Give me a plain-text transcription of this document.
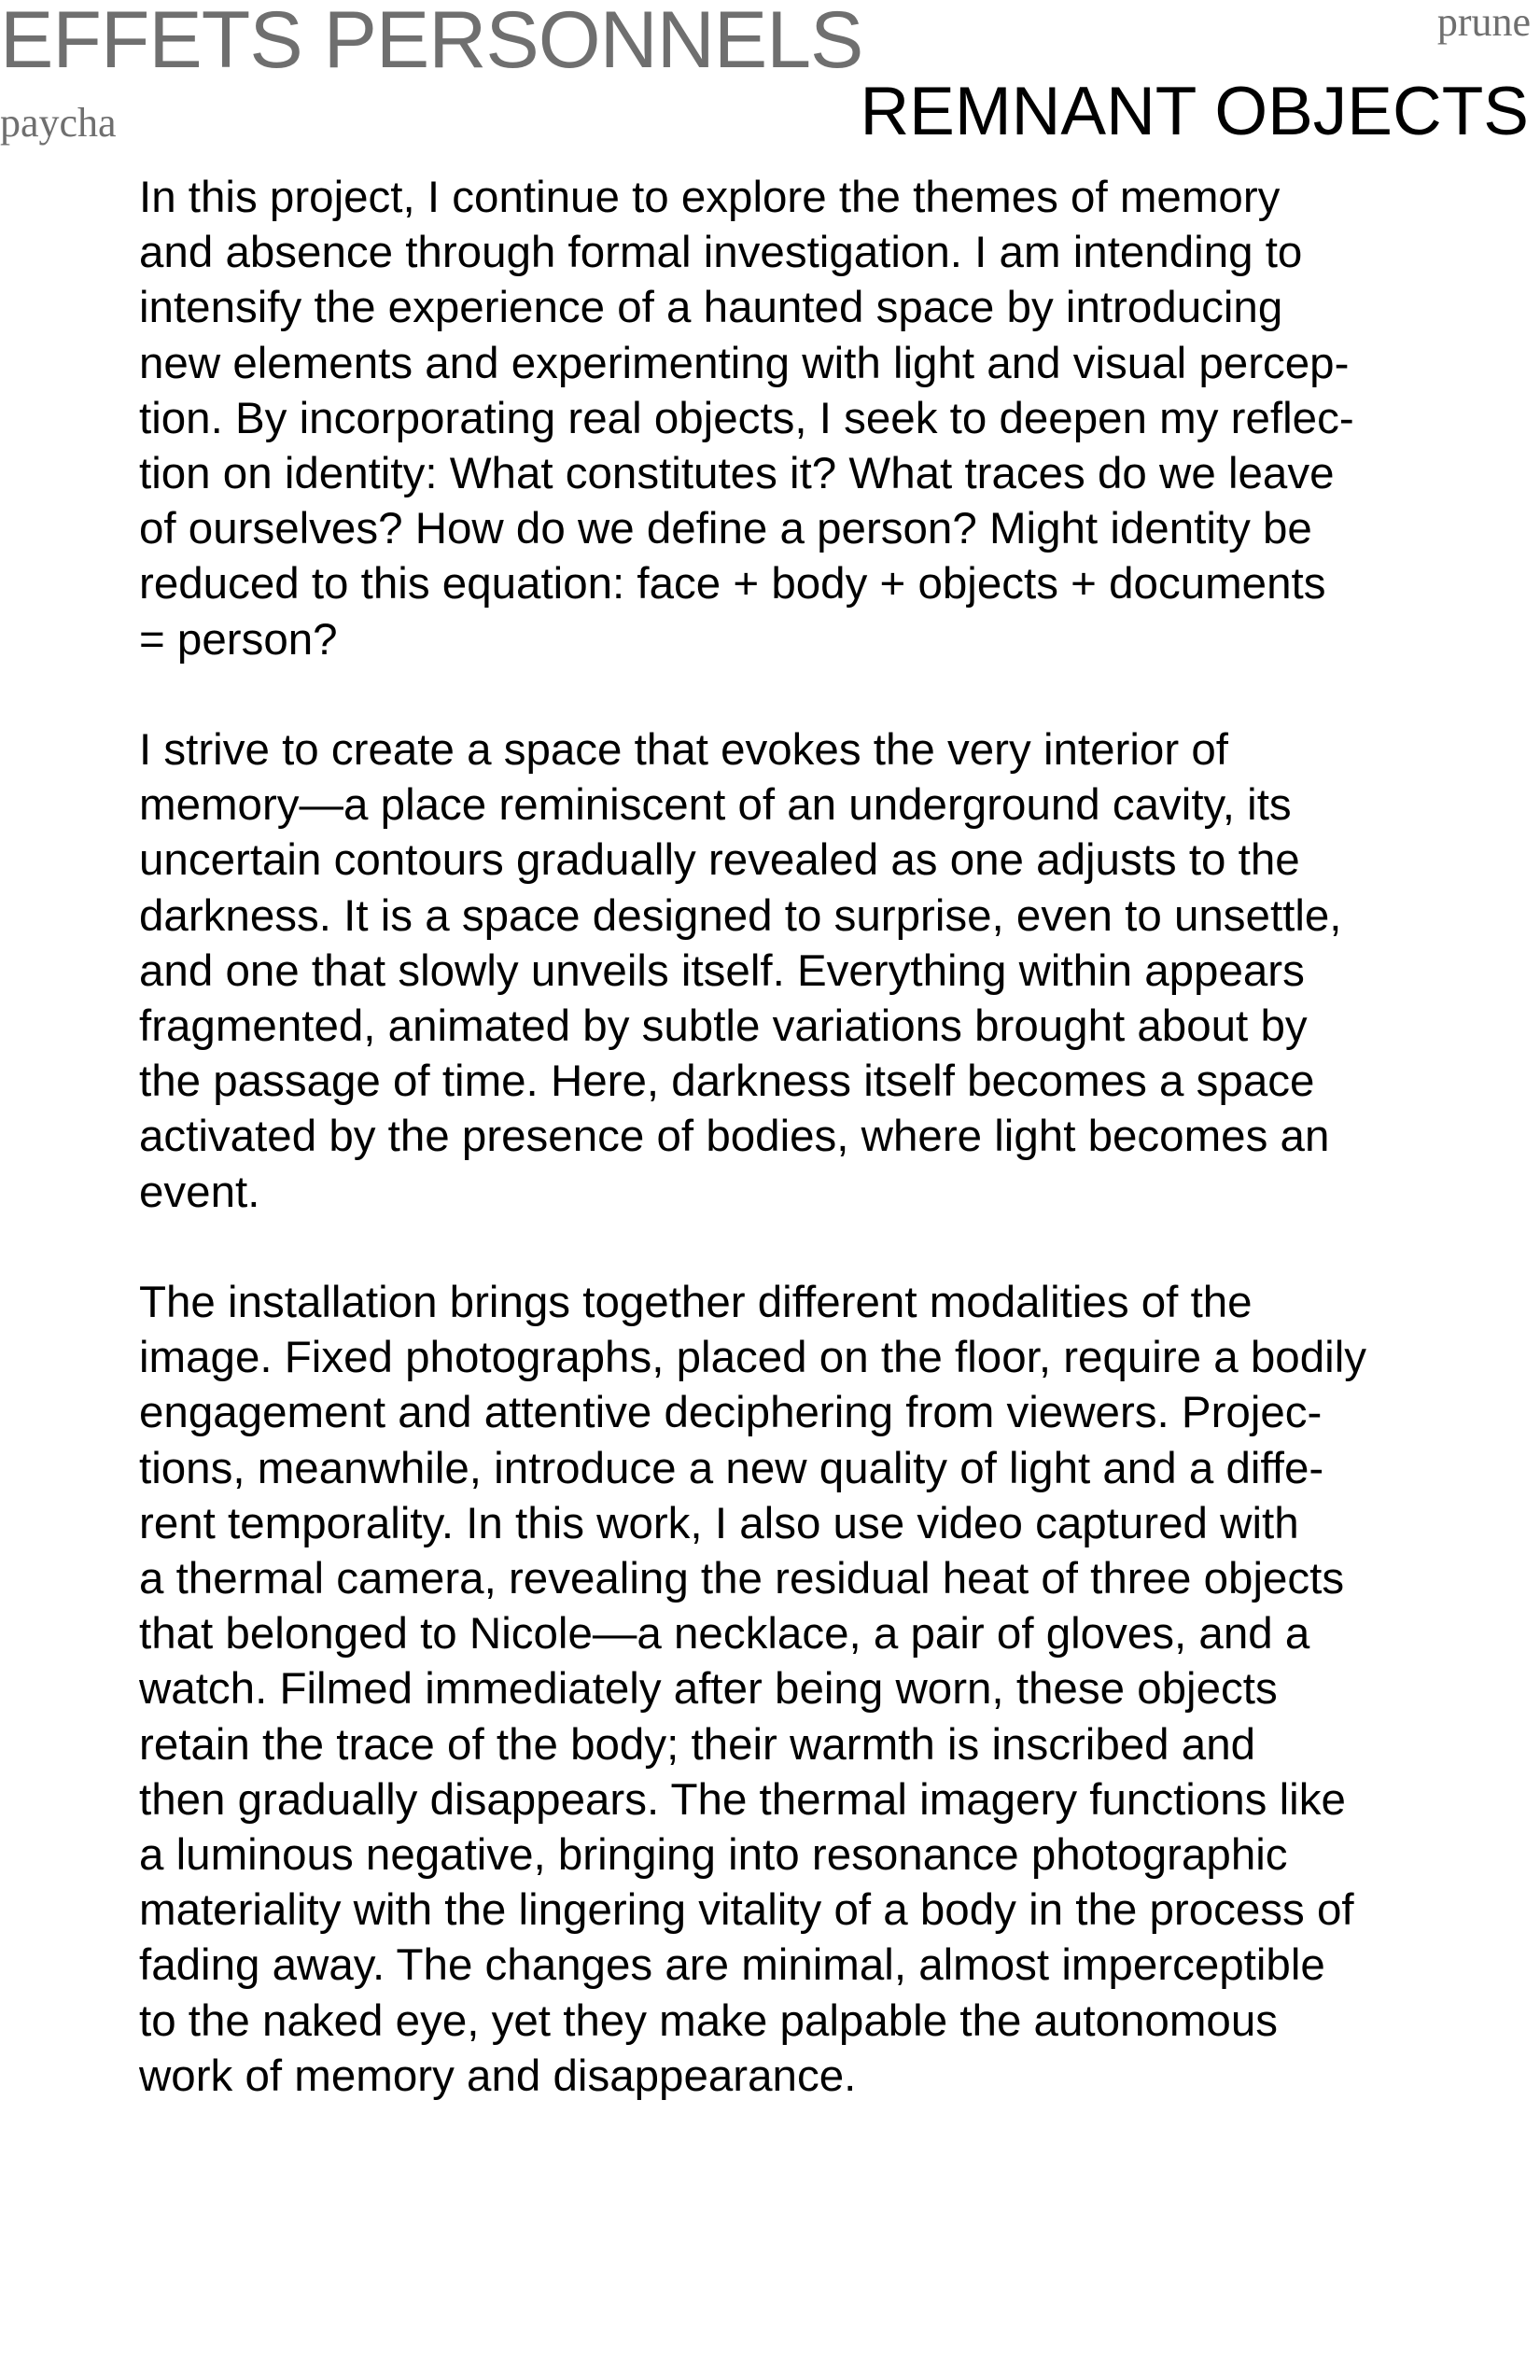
EFFETS PERSONNELS	prune
paycha	REMNANT OBJECTS

In this project, I continue to explore the themes of memory
and absence through formal investigation. I am intending to
intensify the experience of a haunted space by introducing
new elements and experimenting with light and visual percep-
tion. By incorporating real objects, I seek to deepen my reflec-
tion on identity: What constitutes it? What traces do we leave
of ourselves? How do we define a person? Might identity be
reduced to this equation: face + body + objects + documents
= person?

I strive to create a space that evokes the very interior of
memory—a place reminiscent of an underground cavity, its
uncertain contours gradually revealed as one adjusts to the
darkness. It is a space designed to surprise, even to unsettle,
and one that slowly unveils itself. Everything within appears
fragmented, animated by subtle variations brought about by
the passage of time. Here, darkness itself becomes a space
activated by the presence of bodies, where light becomes an
event.

The installation brings together different modalities of the
image. Fixed photographs, placed on the floor, require a bodily
engagement and attentive deciphering from viewers. Projec-
tions, meanwhile, introduce a new quality of light and a diffe-
rent temporality. In this work, I also use video captured with
a thermal camera, revealing the residual heat of three objects
that belonged to Nicole—a necklace, a pair of gloves, and a
watch. Filmed immediately after being worn, these objects
retain the trace of the body; their warmth is inscribed and
then gradually disappears. The thermal imagery functions like
a luminous negative, bringing into resonance photographic
materiality with the lingering vitality of a body in the process of
fading away. The changes are minimal, almost imperceptible
to the naked eye, yet they make palpable the autonomous
work of memory and disappearance.
